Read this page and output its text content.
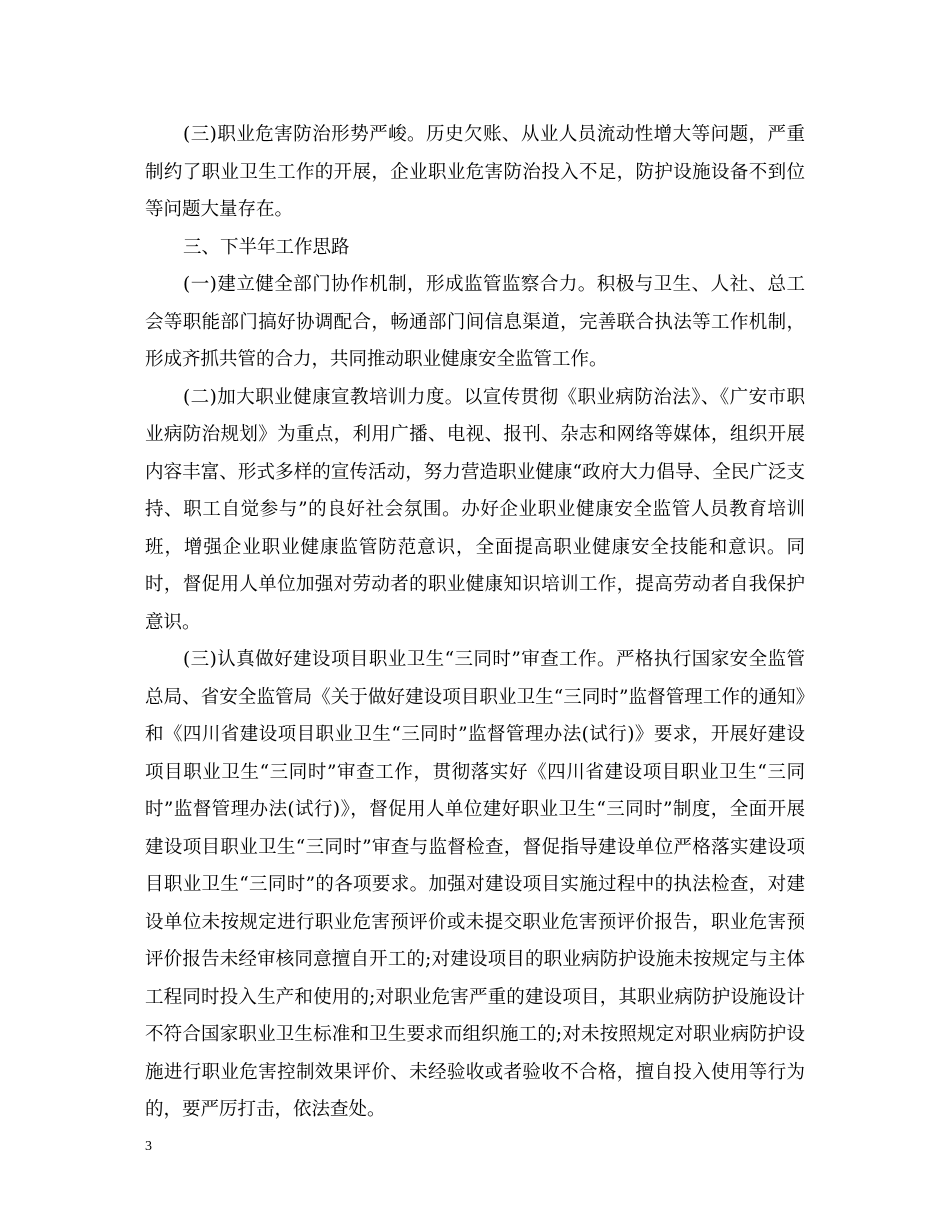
(三)职业危害防治形势严峻。历史欠账、从业人员流动性增大等问题，严重制约了职业卫生工作的开展，企业职业危害防治投入不足，防护设施设备不到位等问题大量存在。

三、下半年工作思路

(一)建立健全部门协作机制，形成监管监察合力。积极与卫生、人社、总工会等职能部门搞好协调配合，畅通部门间信息渠道，完善联合执法等工作机制，形成齐抓共管的合力，共同推动职业健康安全监管工作。

(二)加大职业健康宣教培训力度。以宣传贯彻《职业病防治法》、《广安市职业病防治规划》为重点，利用广播、电视、报刊、杂志和网络等媒体，组织开展内容丰富、形式多样的宣传活动，努力营造职业健康“政府大力倡导、全民广泛支持、职工自觉参与”的良好社会氛围。办好企业职业健康安全监管人员教育培训班，增强企业职业健康监管防范意识，全面提高职业健康安全技能和意识。同时，督促用人单位加强对劳动者的职业健康知识培训工作，提高劳动者自我保护意识。

(三)认真做好建设项目职业卫生“三同时”审查工作。严格执行国家安全监管总局、省安全监管局《关于做好建设项目职业卫生“三同时”监督管理工作的通知》和《四川省建设项目职业卫生“三同时”监督管理办法(试行)》要求，开展好建设项目职业卫生“三同时”审查工作，贯彻落实好《四川省建设项目职业卫生“三同时”监督管理办法(试行)》，督促用人单位建好职业卫生“三同时”制度，全面开展建设项目职业卫生“三同时”审查与监督检查，督促指导建设单位严格落实建设项目职业卫生“三同时”的各项要求。加强对建设项目实施过程中的执法检查，对建设单位未按规定进行职业危害预评价或未提交职业危害预评价报告，职业危害预评价报告未经审核同意擅自开工的;对建设项目的职业病防护设施未按规定与主体工程同时投入生产和使用的;对职业危害严重的建设项目，其职业病防护设施设计不符合国家职业卫生标准和卫生要求而组织施工的;对未按照规定对职业病防护设施进行职业危害控制效果评价、未经验收或者验收不合格，擅自投入使用等行为的，要严厉打击，依法查处。

3
